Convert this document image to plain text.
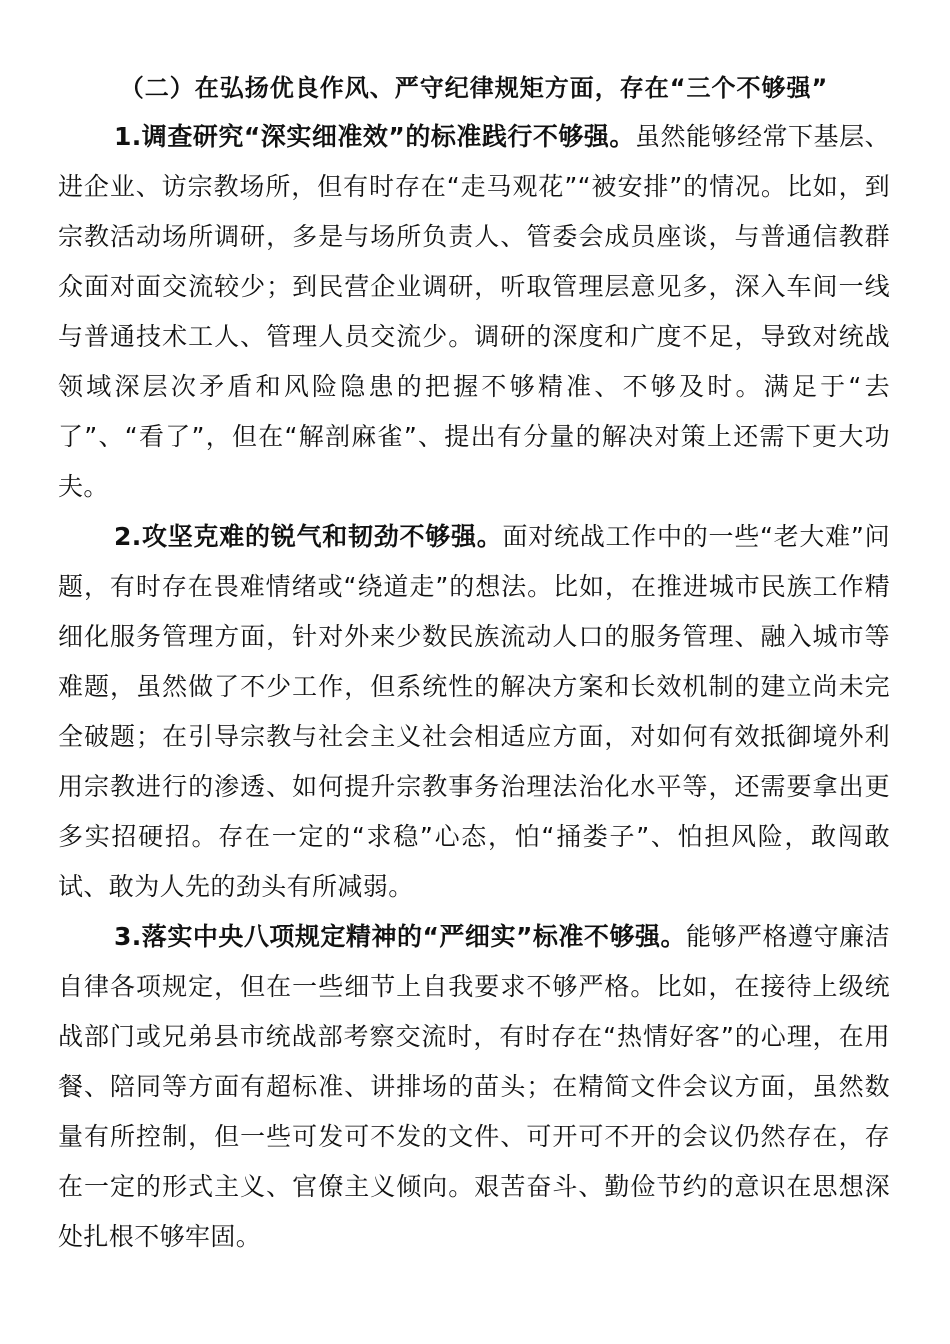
（二）在弘扬优良作风、严守纪律规矩方面，存在“三个不够强”

1.调查研究“深实细准效”的标准践行不够强。虽然能够经常下基层、进企业、访宗教场所，但有时存在“走马观花”“被安排”的情况。比如，到宗教活动场所调研，多是与场所负责人、管委会成员座谈，与普通信教群众面对面交流较少；到民营企业调研，听取管理层意见多，深入车间一线与普通技术工人、管理人员交流少。调研的深度和广度不足，导致对统战领域深层次矛盾和风险隐患的把握不够精准、不够及时。满足于“去了”、“看了”，但在“解剖麻雀”、提出有分量的解决对策上还需下更大功夫。

2.攻坚克难的锐气和韧劲不够强。面对统战工作中的一些“老大难”问题，有时存在畏难情绪或“绕道走”的想法。比如，在推进城市民族工作精细化服务管理方面，针对外来少数民族流动人口的服务管理、融入城市等难题，虽然做了不少工作，但系统性的解决方案和长效机制的建立尚未完全破题；在引导宗教与社会主义社会相适应方面，对如何有效抵御境外利用宗教进行的渗透、如何提升宗教事务治理法治化水平等，还需要拿出更多实招硬招。存在一定的“求稳”心态，怕“捅娄子”、怕担风险，敢闯敢试、敢为人先的劲头有所减弱。

3.落实中央八项规定精神的“严细实”标准不够强。能够严格遵守廉洁自律各项规定，但在一些细节上自我要求不够严格。比如，在接待上级统战部门或兄弟县市统战部考察交流时，有时存在“热情好客”的心理，在用餐、陪同等方面有超标准、讲排场的苗头；在精简文件会议方面，虽然数量有所控制，但一些可发可不发的文件、可开可不开的会议仍然存在，存在一定的形式主义、官僚主义倾向。艰苦奋斗、勤俭节约的意识在思想深处扎根不够牢固。
